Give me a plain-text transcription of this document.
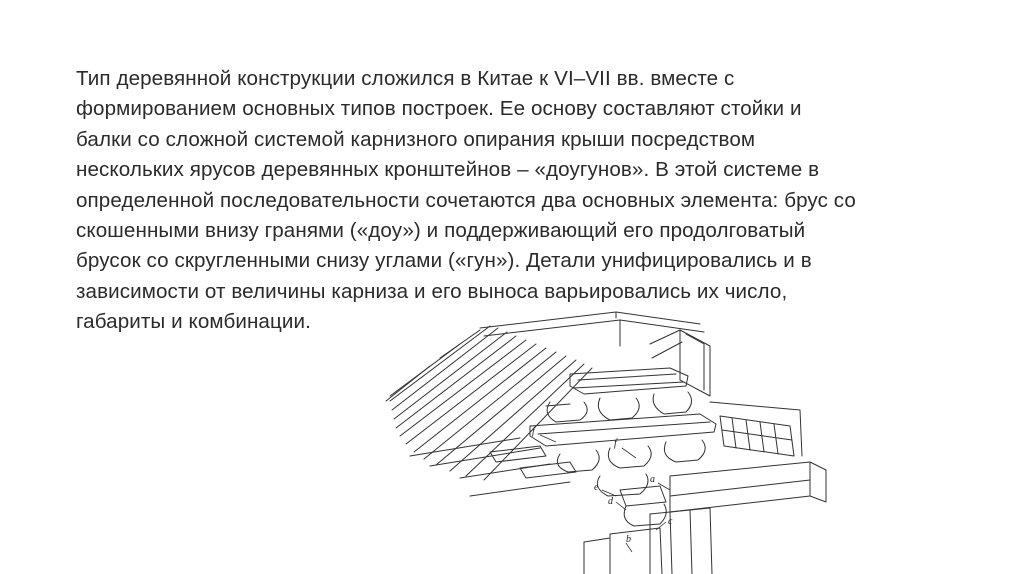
Тип деревянной конструкции сложился в Китае к VI–VII вв. вместе с
формированием основных типов построек. Ее основу составляют стойки и
балки со сложной системой карнизного опирания крыши посредством
нескольких ярусов деревянных кронштейнов – «доугунов». В этой системе в
определенной последовательности сочетаются два основных элемента: брус со
скошенными внизу гранями («доу») и поддерживающий его продолговатый
брусок со скругленными снизу углами («гун»). Детали унифицировались и в
зависимости от величины карниза и его выноса варьировались их число,
габариты и комбинации.

f
f
a
e
d
c
b
